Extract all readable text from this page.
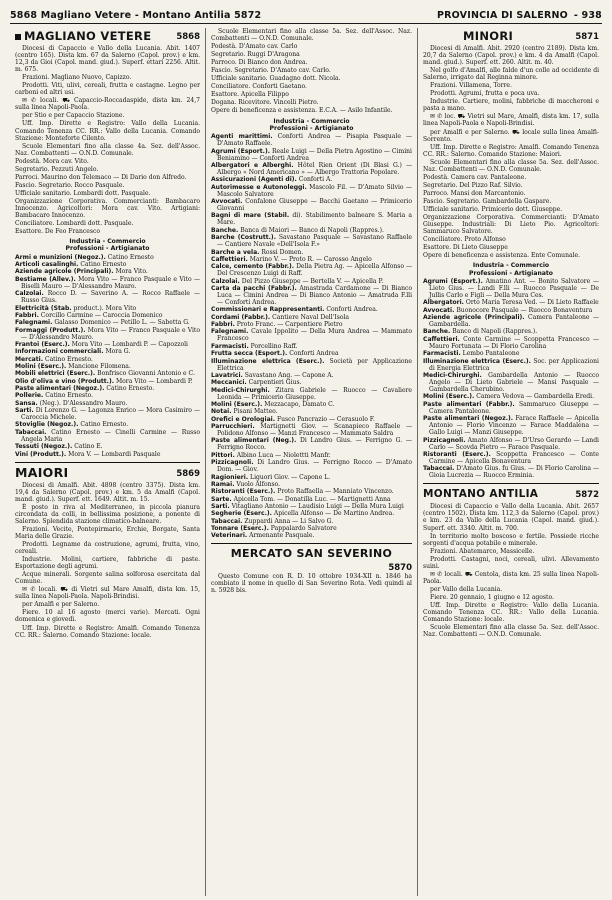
5868 Magliano Vetere - Montano Antilia 5872	PROVINCIA DI SALERNO - 938
MAGLIANO VETERE	5868

Diocesi di Capaccio e Vallo della Lucania. Abit. 1407 (centro 165). Dista km. 67 da Salerno (Capol. prov.) e km. 12,3 da Gioi (Capol. mand. giud.). Superf. ettari 2256. Altit. m. 675.

Frazioni. Magliano Nuovo, Capizzo.

Prodotti. Viti, ulivi, cereali, frutta e castagne. Legno per carboni ed altri usi.

✉ ✆ locali. ⛟ Capaccio-Roccadaspide, dista km. 24,7 sulla linea Napoli-Paola.

per Stio e per Capaccio Stazione.

Uff. Imp. Dirette e Registro: Vallo della Lucania. Comando Tenenza CC. RR.: Vallo della Lucania. Comando Stazione: Monteforte Cilento.

Scuole Elementari fino alla classe 4a. Sez. dell'Assoc. Naz. Combattenti — O.N.D. Comunale.

Podestà. Mora cav. Vito.

Segretario. Pezzuti Angelo.

Parroci. Maurino don Telemaco — Di Dario don Alfredo.

Fascio. Segretario. Rocco Pasquale.

Ufficiale sanitario. Lombardi dott. Pasquale.

Organizzazione Corporativa. Commercianti: Bambacaro Innocenzo. Agricoltori: Mora cav. Vito. Artigiani: Bambacaro Innocenzo.

Conciliatore. Lombardi dott. Pasquale.

Esattore. De Feo Francesco

Industria - Commercio
Professioni - Artigianato

Armi e munizioni (Negoz.). Catino Ernesto

Articoli casalinghi. Catino Ernesto

Aziende agricole (Principali). Mora Vito.

Bestiame (Allev.). Mora Vito — Franco Pasquale e Vito — Biselli Mauro — D'Alessandro Mauro.

Calzolai. Rocco D. — Saverino A. — Rocco Raffaele — Russo Gius.

Elettricità (Stab. product.). Mora Vito

Fabbri. Corcillo Carmine — Caroccia Domenico

Falegnami. Galasso Domenico — Petillo L. — Sabetta G.

Formaggi (Produtt.). Mora Vito — Franco Pasquale e Vito — D'Alessandro Mauro.

Frantoi (Eserc.). Mora Vito — Lombardi P. — Capozzoli

Informazioni commerciali. Mora G.

Mercati. Catino Ernesto.

Molini (Eserc.). Mancione Filomena.

Mobili elettrici (Eserc.). Bonfrisco Giovanni Antonio e C.

Olio d'oliva e vino (Produtt.). Mora Vito — Lombardi P.

Paste alimentari (Negoz.). Catino Ernesto.

Pollerie. Catino Ernesto.

Sansa. (Neg.). D'Alessandro Mauro.

Sarti. Di Lorenzo G. — Lagonza Enrico — Mora Casimiro — Caroccia Michele.

Stoviglie (Negoz.). Catino Ernesto.

Tabaccai. Catino Ernesto — Cinelli Carmine — Russo Angela Maria

Tessuti (Negoz.). Catino E.

Vini (Produtt.). Mora V. — Lombardi Pasquale

MAIORI	5869

Diocesi di Amalfi. Abit. 4898 (centro 3375). Dista km. 19,4 da Salerno (Capol. prov.) e km. 5 da Amalfi (Capol. mand. giud.). Superf. ett. 1649. Altit. m. 15.

È posto in riva al Mediterraneo, in piccola pianura circondata da colli, in bellissima posizione, a ponente di Salerno. Splendida stazione climatico-balneare.

Frazioni. Vecite, Pontepirmario, Erchie, Borgate, Santa Maria delle Grazie.

Prodotti. Legname da costruzione, agrumi, frutta, vino, cereali.

Industrie. Molini, cartiere, fabbriche di paste. Esportazione degli agrumi.

Acque minerali. Sorgente salina solforosa esercitata dal Comune.

✉ ✆ locali. ⛟ di Vietri sul Mare Amalfi, dista km. 15, sulla linea Napoli-Paola. Napoli-Brindisi.

per Amalfi e per Salerno.

Fiere. 10 al 16 agosto (merci varie). Mercati. Ogni domenica e giovedì.

Uff. Imp. Dirette e Registro: Amalfi. Comando Tenenza CC. RR.: Salerno. Comando Stazione: locale.

Scuole Elementari fino alla classe 5a. Sez. dell'Assoc. Naz. Combattenti — O.N.D. Comunale.

Podestà. D'Amato cav. Carlo

Segretario. Ruggi D'Aragona

Parroco. Di Bianco don Andrea.

Fascio. Segretario. D'Amato cav. Carlo.

Ufficiale sanitario. Guadagno dott. Nicola.

Conciliatore. Conforti Gaetano.

Esattore. Apicella Filippo

Dogana. Ricevitore. Vincelli Pietro.

Opere di beneficenza e assistenza. E.C.A. — Asilo Infantile.

Industria - Commercio
Professioni - Artigianato

Agenti marittimi. Conforti Andrea — Pisapia Pasquale — D'Amato Raffaele.

Agrumi (Esport.). Reale Luigi — Della Pietra Agostino — Cimini Beniamino — Conforti Andrea

Albergatori e Alberghi. Hôtel Rien Orient (Di Blasi G.) — Albergo « Nord Americano » — Albergo Trattoria Popolare.

Assicurazioni (Agenti di). Conforti A.

Autorimesse e Autonoleggi. Mascolo Fil. — D'Amato Silvio — Mascolo Salvatore

Avvocati. Confalone Giuseppe — Bacchi Gaetano — Primicerio Giovanni

Bagni di mare (Stabil. di). Stabilimento balneare S. Maria a Mare.

Banche. Banca di Maiori — Banco di Napoli (Rappres.).

Barche (Costrutt.). Savastano Pasquale — Savastano Raffaele — Cantiere Navale «Dell'Isola F.»

Barche a vela. Rossi Domen.

Caffettieri. Marino V. — Proto R. — Carosso Angelo

Calce, cemento (Fabbr.). Della Pietra Ag. — Apicella Alfonso — Del Crescenzo Luigi di Raff.

Calzolai. Del Pizzo Giuseppe — Bertella V. — Apicella P.

Carta da pacchi (Fabbr.). Amastrada Cardamone — Di Bianco Luca — Cimini Andrea — Di Bianco Antonio — Amatruda F.lli — Conforti Andrea.

Commissionari e Rappresentanti. Conforti Andrea.

Cordami (Fabbr.). Cantiere Naval Dell'Isola

Fabbri. Proto Franc. — Carpentiere Pietro

Falegnami. Cavale Ippolito — Della Mura Andrea — Mammato Francesco

Farmacisti. Porcellino Raff.

Frutta secca (Esport.). Conforti Andrea

Illuminazione elettrica (Eserc.). Società per Applicazione Elettrica

Lavatrici. Savastano Ang. — Capone A.

Meccanici. Carpentieri Gius.

Medici-Chirurghi. Zitara Gabriele — Ruocco — Cavaliere Leonida — Primicerio Giuseppe.

Molini (Eserc.). Mezzacapo, Damato C.

Notai. Pisani Matteo.

Orefici e Orologiai. Fusco Pancrazio — Cerasuolo F.

Parrucchieri. Martignetti Giov. — Scanapieco Raffaele — Polidono Alfonso — Manzi Francesco — Mammato Saldra

Paste alimentari (Neg.). Di Landro Gius. — Ferrigno G. — Ferrigno Rocco.

Pittori. Albino Luca — Niolettti Manfr.

Pizzicagnoli. Di Landro Gius. — Ferrigno Rocco — D'Amato Dom. — Giov.

Ragionieri. Liguori Giov. — Capone L.

Ramai. Vuolo Alfonso.

Ristoranti (Eserc.). Proto Raffaella — Manniato Vincenzo.

Sarte. Apicella Tom. — Donatilla Luc. — Martignetti Anna

Sarti. Vitagliano Antonio — Laudisio Luigi — Della Mura Luigi

Segherie (Eserc.). Apicella Alfonso — De Martino Andrea.

Tabaccai. Zuppardi Anna — Li Salvo G.

Tonnare (Eserc.). Pappalardo Salvatore

Veterinari. Armenante Pasquale.

MERCATO SAN SEVERINO
5870

Questo Comune con R. D. 10 ottobre 1934-XII n. 1846 ha combiato il nome in quello di San Severino Rota. Vedi quindi al n. 5928 bis.

MINORI	5871

Diocesi di Amalfi. Abit. 2920 (centro 2189). Dista km. 20,7 da Salerno (Capol. prov.) e km. 4 da Amalfi (Capol. mand. giud.). Superf. ett. 260. Altit. m. 40.

Nel golfo d'Amalfi, alle falde d'un colle ad occidente di Salerno, irrigato dal Reginna minore.

Frazioni. Villamena, Torre.

Prodotti. Agrumi, frutta e poca uva.

Industrie. Cartiere, molini, fabbriche di maccheroni e pasta a mano.

✉ ✆ loc. ⛟ Vietri sul Mare, Amalfi, dista km. 17, sulla linea Napoli-Paola e Napoli-Brindisi.

per Amalfi e per Salerno. ⛟ locale sulla linea Amalfi-Sorrento.

Uff. Imp. Dirette e Registro: Amalfi. Comando Tenenza CC. RR.: Salerno. Comando Stazione: Maiori.

Scuole Elementari fino alla classe 5a. Sez. dell'Assoc. Naz. Combattenti — O.N.D. Comunale.

Podestà. Camera cav. Pantaleone.

Segretario. Del Pizzo Raf. Silvio.

Parroco. Mansi don Marcantonio.

Fascio. Segretario. Gambardella Gaspare.

Ufficiale sanitario. Primicerio dott. Giuseppe.

Organizzazione Corporativa. Commercianti: D'Amato Giuseppe. Industriali: Di Lieto Pio. Agricoltori: Sammaruco Salvatore.

Conciliatore. Proto Alfonso

Esattore. Di Lieto Giuseppe

Opere di beneficenza e assistenza. Ente Comunale.

Industria - Commercio
Professioni - Artigianato

Agrumi (Esport.). Amatino Ant. — Bonito Salvatore — Lieto Gius. — Landi F.lli — Ruocco Pasquale — De Jullis Carlo e Figli — Della Mura Ces.

Albergatori. Orto Maria Teresa Ved. — Di Lieto Raffaele

Avvocati. Buonocore Pasquale — Ruocco Bonaventura

Aziende agricole (Principali). Camera Pantaleone — Gambardella.

Banche. Banco di Napoli (Rappres.).

Caffettieri. Conte Carmine — Scoppetta Francesco — Mauro Fortunata — Di Florio Carolina

Farmacisti. Lembo Pantaleone

Illuminazione elettrica (Eserc.). Soc. per Applicazioni di Energia Elettrica

Medici-Chirurghi. Gambardella Antonio — Ruocco Angelo — Di Lieto Gabriele — Mansi Pasquale — Gambardella Cherubino.

Molini (Eserc.). Camera Vedova — Gambardella Eredi.

Paste alimentari (Fabbr.). Sammaruco Giuseppe — Camera Pantaleone.

Paste alimentari (Negoz.). Farace Raffaele — Apicella Antonio — Florio Vincenzo — Farace Maddalena — Gallo Luigi — Manzi Giuseppe.

Pizzicagnoli. Amato Alfonso — D'Urso Gerardo — Landi Carlo — Scovda Pietro — Farace Pasquale.

Ristoranti (Eserc.). Scoppetta Francesco — Conte Carmine — Apicella Bonaventura

Tabaccai. D'Amato Gius. fu Gius. — Di Florio Carolina — Gioia Lucrezia — Ruocco Erminia.

MONTANO ANTILIA	5872

Diocesi di Capaccio e Vallo della Lucania. Abit. 2657 (centro 1502). Dista km. 112,3 da Salerno (Capol. prov.) e km. 23 da Vallo della Lucania (Capol. mand. giud.). Superf. ett. 3340. Altit. m. 700.

In territorio molto boscoso e fertile. Possiede ricche sorgenti d'acqua potabile e minerale.

Frazioni. Abatemarco, Massicelle.

Prodotti. Castagni, noci, cereali, ulivi. Allevamento suini.

✉ ✆ locali. ⛟ Centola, dista km. 25 sulla linea Napoli-Paola.

per Vallo della Lucania.

Fiere. 20 gennaio, 1 giugno e 12 agosto.

Uff. Imp. Dirette e Registro: Vallo della Lucania. Comando Tenenza CC. RR.: Vallo della Lucania. Comando Stazione: locale.

Scuole Elementari fino alla classe 5a. Sez. dell'Assoc. Naz. Combattenti — O.N.D. Comunale.
